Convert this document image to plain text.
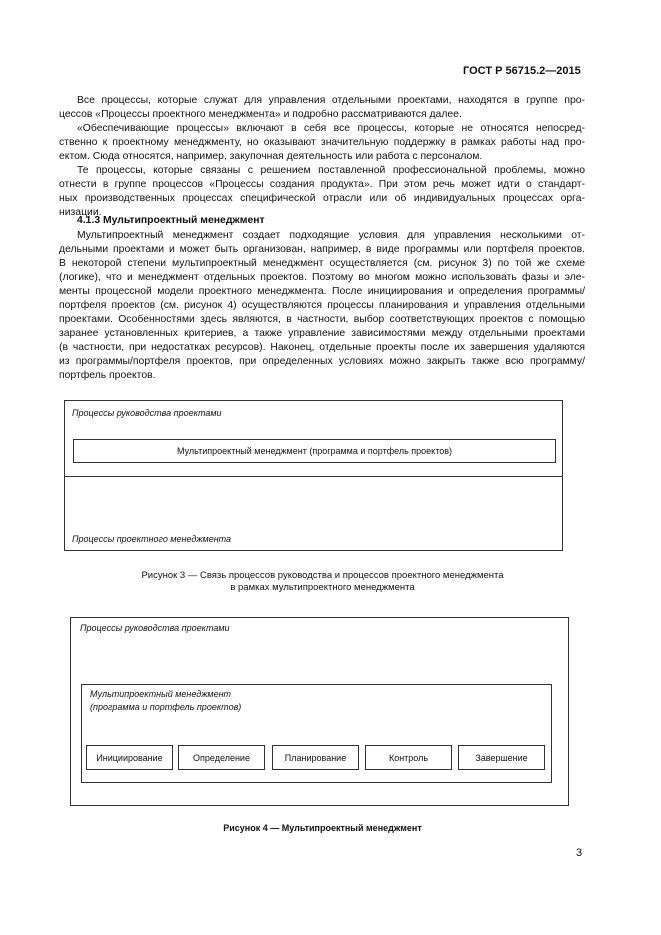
ГОСТ Р 56715.2—2015
Все процессы, которые служат для управления отдельными проектами, находятся в группе про-
цессов «Процессы проектного менеджмента» и подробно рассматриваются далее.
«Обеспечивающие процессы» включают в себя все процессы, которые не относятся непосред-
ственно к проектному менеджменту, но оказывают значительную поддержку в рамках работы над про-
ектом. Сюда относятся, например, закупочная деятельность или работа с персоналом.
Те процессы, которые связаны с решением поставленной профессиональной проблемы, можно
отнести в группе процессов «Процессы создания продукта». При этом речь может идти о стандарт-
ных производственных процессах специфической отрасли или об индивидуальных процессах орга-
низации.
4.1.3 Мультипроектный менеджмент
Мультипроектный менеджмент создает подходящие условия для управления несколькими от-
дельными проектами и может быть организован, например, в виде программы или портфеля проектов.
В некоторой степени мультипроектный менеджмент осуществляется (см. рисунок 3) по той же схеме
(логике), что и менеджмент отдельных проектов. Поэтому во многом можно использовать фазы и эле-
менты процессной модели проектного менеджмента. После инициирования и определения программы/
портфеля проектов (см. рисунок 4) осуществляются процессы планирования и управления отдельными
проектами. Особенностями здесь являются, в частности, выбор соответствующих проектов с помощью
заранее установленных критериев, а также управление зависимостями между отдельными проектами
(в частности, при недостатках ресурсов). Наконец, отдельные проекты после их завершения удаляются
из программы/портфеля проектов, при определенных условиях можно закрыть также всю программу/
портфель проектов.
Процессы руководства проектами
Мультипроектный менеджмент (программа и портфель проектов)
Процессы проектного менеджмента
Рисунок 3 — Связь процессов руководства и процессов проектного менеджмента
в рамках мультипроектного менеджмента
Процессы руководства проектами
Мультипроектный менеджмент
(программа и портфель проектов)
Инициирование	Определение	Планирование	Контроль	Завершение
Рисунок 4 — Мультипроектный менеджмент
3
